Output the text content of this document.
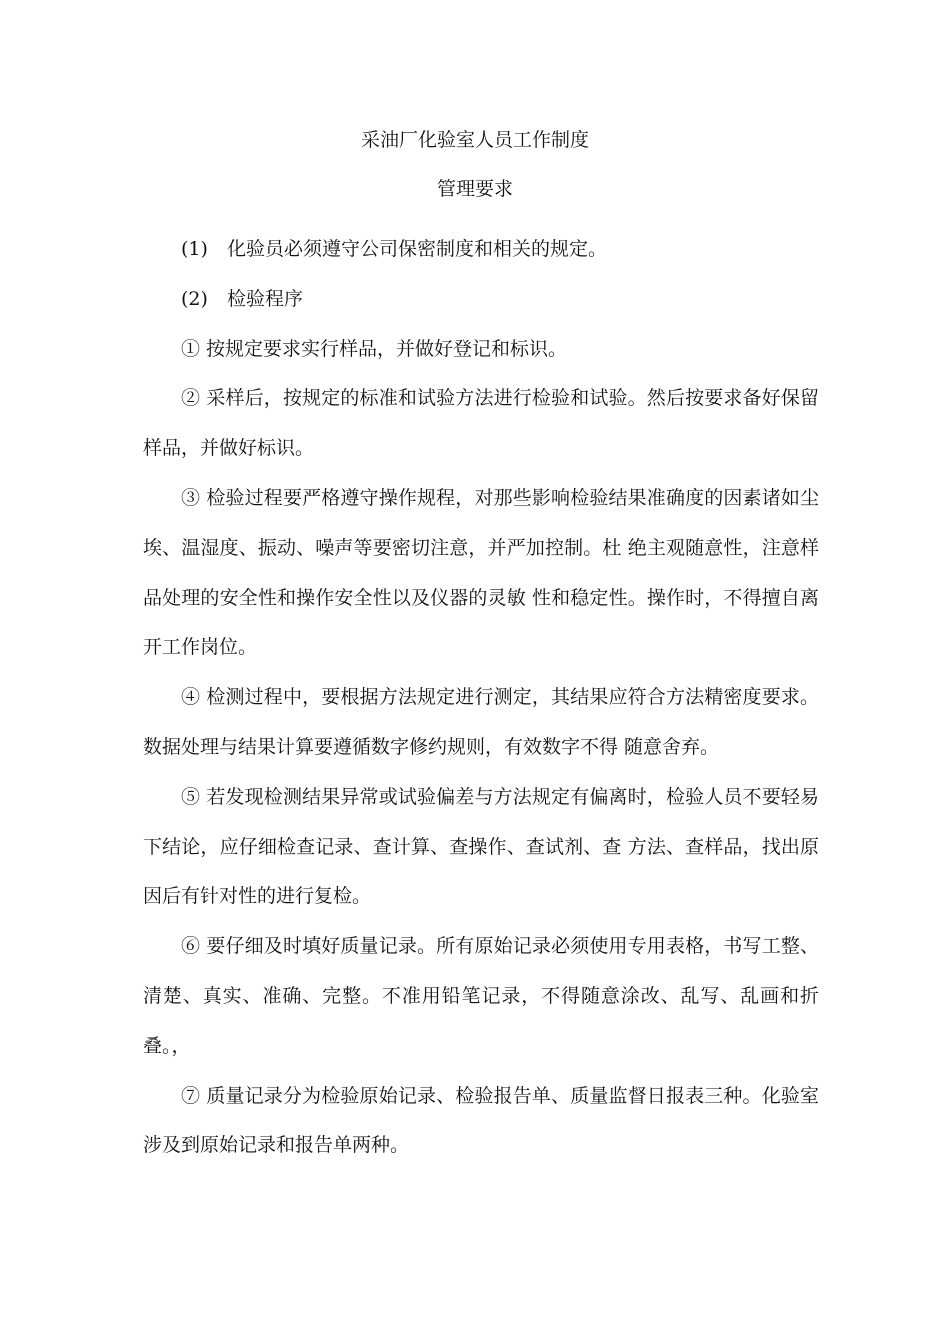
采油厂化验室人员工作制度
管理要求

(1) 化验员必须遵守公司保密制度和相关的规定。

(2) 检验程序

① 按规定要求实行样品，并做好登记和标识。

② 采样后，按规定的标准和试验方法进行检验和试验。然后按要求备好保留样品，并做好标识。

③ 检验过程要严格遵守操作规程，对那些影响检验结果准确度的因素诸如尘埃、温湿度、振动、噪声等要密切注意，并严加控制。杜 绝主观随意性，注意样品处理的安全性和操作安全性以及仪器的灵敏 性和稳定性。操作时，不得擅自离开工作岗位。

④ 检测过程中，要根据方法规定进行测定，其结果应符合方法精密度要求。数据处理与结果计算要遵循数字修约规则，有效数字不得 随意舍弃。

⑤ 若发现检测结果异常或试验偏差与方法规定有偏离时，检验人员不要轻易下结论，应仔细检查记录、查计算、查操作、查试剂、查 方法、查样品，找出原因后有针对性的进行复检。

⑥ 要仔细及时填好质量记录。所有原始记录必须使用专用表格，书写工整、清楚、真实、准确、完整。不准用铅笔记录，不得随意涂改、乱写、乱画和折叠。，

⑦ 质量记录分为检验原始记录、检验报告单、质量监督日报表三种。化验室涉及到原始记录和报告单两种。
